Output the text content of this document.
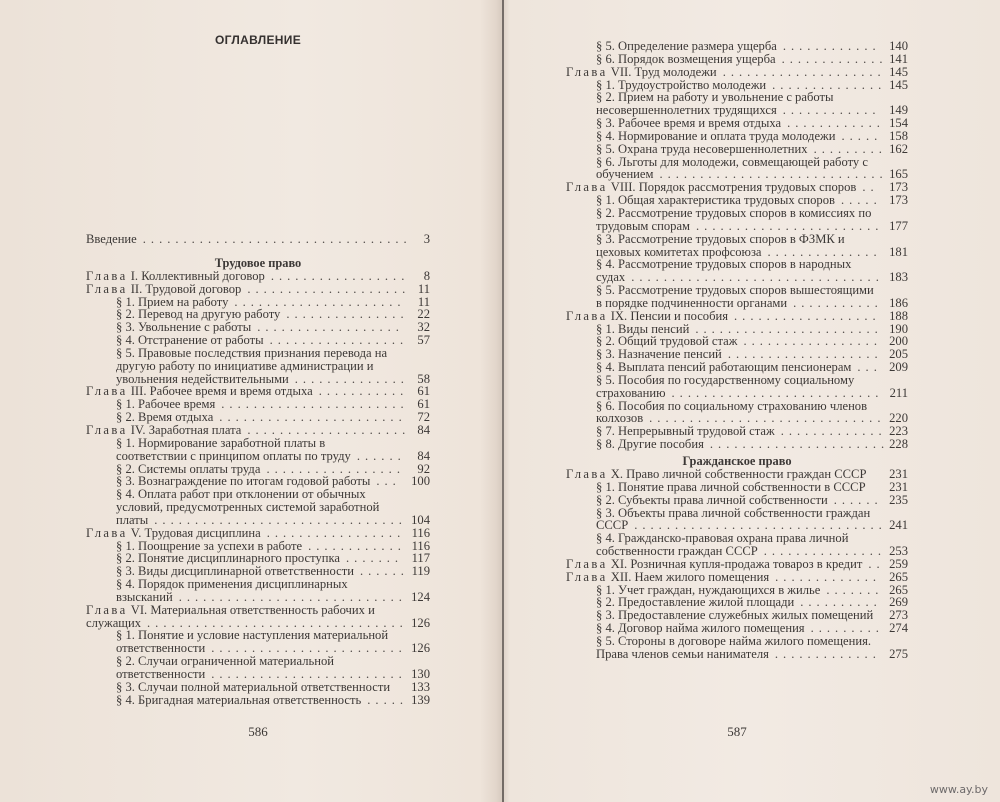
ОГЛАВЛЕНИЕ
Введение	3
.................................
Трудовое право
Глава I. Коллективный договор	8
.................
Глава II. Трудовой договор	11
....................
§ 1. Прием на работу	11
.....................
§ 2. Перевод на другую работу	22
...............
§ 3. Увольнение с работы	32
..................
§ 4. Отстранение от работы	57
.................
§ 5. Правовые последствия признания перевода на другую работу по инициативе администрации и увольнения недействительными	58
..............
Глава III. Рабочее время и время отдыха	61
...........
§ 1. Рабочее время	61
.......................
§ 2. Время отдыха	72
.......................
Глава IV. Заработная плата	84
....................
§ 1. Нормирование заработной платы в соответствии с принципом оплаты по труду	84
......
§ 2. Системы оплаты труда	92
.................
§ 3. Вознаграждение по итогам годовой работы	100
...
§ 4. Оплата работ при отклонении от обычных условий, предусмотренных системой заработной платы	104
...............................
Глава V. Трудовая дисциплина	116
.................
§ 1. Поощрение за успехи в работе	116
............
§ 2. Понятие дисциплинарного проступка	117
.......
§ 3. Виды дисциплинарной ответственности	119
......
§ 4. Порядок применения дисциплинарных взысканий	124
............................
Глава VI. Материальная ответственность рабочих и служащих	126
................................
§ 1. Понятие и условие наступления материальной ответственности	126
........................
§ 2. Случаи ограниченной материальной ответственности	130
........................
§ 3. Случаи полной материальной ответственности	133
§ 4. Бригадная материальная ответственность	139
.....
586
§ 5. Определение размера ущерба	140
............
§ 6. Порядок возмещения ущерба	141
.............
Глава VII. Труд молодежи	145
....................
§ 1. Трудоустройство молодежи	145
..............
§ 2. Прием на работу и увольнение с работы несовершеннолетних трудящихся	149
............
§ 3. Рабочее время и время отдыха	154
............
§ 4. Нормирование и оплата труда молодежи	158
.....
§ 5. Охрана труда несовершеннолетних	162
.........
§ 6. Льготы для молодежи, совмещающей работу с обучением	165
............................
Глава VIII. Порядок рассмотрения трудовых споров	173
..
§ 1. Общая характеристика трудовых споров	173
.....
§ 2. Рассмотрение трудовых споров в комиссиях по трудовым спорам	177
.......................
§ 3. Рассмотрение трудовых споров в ФЗМК и цеховых комитетах профсоюза	181
..............
§ 4. Рассмотрение трудовых споров в народных судах	183
...............................
§ 5. Рассмотрение трудовых споров вышестоящими в порядке подчиненности органами	186
...........
Глава IX. Пенсии и пособия	188
..................
§ 1. Виды пенсий	190
.......................
§ 2. Общий трудовой стаж	200
.................
§ 3. Назначение пенсий	205
...................
§ 4. Выплата пенсий работающим пенсионерам	209
...
§ 5. Пособия по государственному социальному страхованию	211
..........................
§ 6. Пособия по социальному страхованию членов колхозов	220
.............................
§ 7. Непрерывный трудовой стаж	223
.............
§ 8. Другие пособия	228
......................
Гражданское право
Глава X. Право личной собственности граждан СССР	231
§ 1. Понятие права личной собственности в СССР	231
§ 2. Субъекты права личной собственности	235
......
§ 3. Объекты права личной собственности граждан СССР	241
...............................
§ 4. Гражданско-правовая охрана права личной собственности граждан СССР	253
...............
Глава XI. Розничная купля-продажа товароз в кредит	259
..
Глава XII. Наем жилого помещения	265
.............
§ 1. Учет граждан, нуждающихся в жилье	265
.......
§ 2. Предоставление жилой площади	269
..........
§ 3. Предоставление служебных жилых помещений	273
§ 4. Договор найма жилого помещения	274
.........
§ 5. Стороны в договоре найма жилого помещения. Права членов семьи нанимателя	275
.............
587
www.ay.by
